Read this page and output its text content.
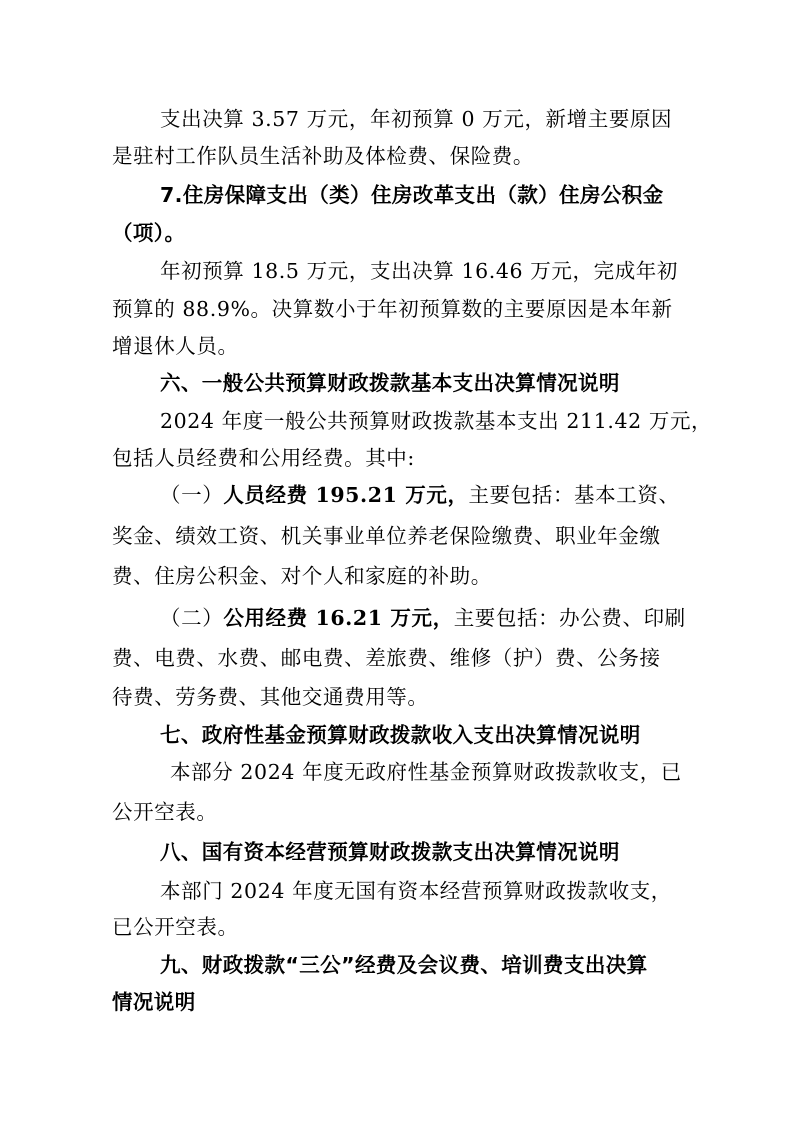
支出决算 3.57 万元，年初预算 0 万元，新增主要原因
是驻村工作队员生活补助及体检费、保险费。
7.住房保障支出（类）住房改革支出（款）住房公积金
（项）。
年初预算 18.5 万元，支出决算 16.46 万元，完成年初
预算的 88.9%。决算数小于年初预算数的主要原因是本年新
增退休人员。
六、一般公共预算财政拨款基本支出决算情况说明
2024 年度一般公共预算财政拨款基本支出 211.42 万元，
包括人员经费和公用经费。其中:
（一）人员经费 195.21 万元，主要包括：基本工资、
奖金、绩效工资、机关事业单位养老保险缴费、职业年金缴
费、住房公积金、对个人和家庭的补助。
（二）公用经费 16.21 万元，主要包括：办公费、印刷
费、电费、水费、邮电费、差旅费、维修（护）费、公务接
待费、劳务费、其他交通费用等。
七、政府性基金预算财政拨款收入支出决算情况说明
本部分 2024 年度无政府性基金预算财政拨款收支，已
公开空表。
八、国有资本经营预算财政拨款支出决算情况说明
本部门 2024 年度无国有资本经营预算财政拨款收支，
已公开空表。
九、财政拨款“三公”经费及会议费、培训费支出决算
情况说明
